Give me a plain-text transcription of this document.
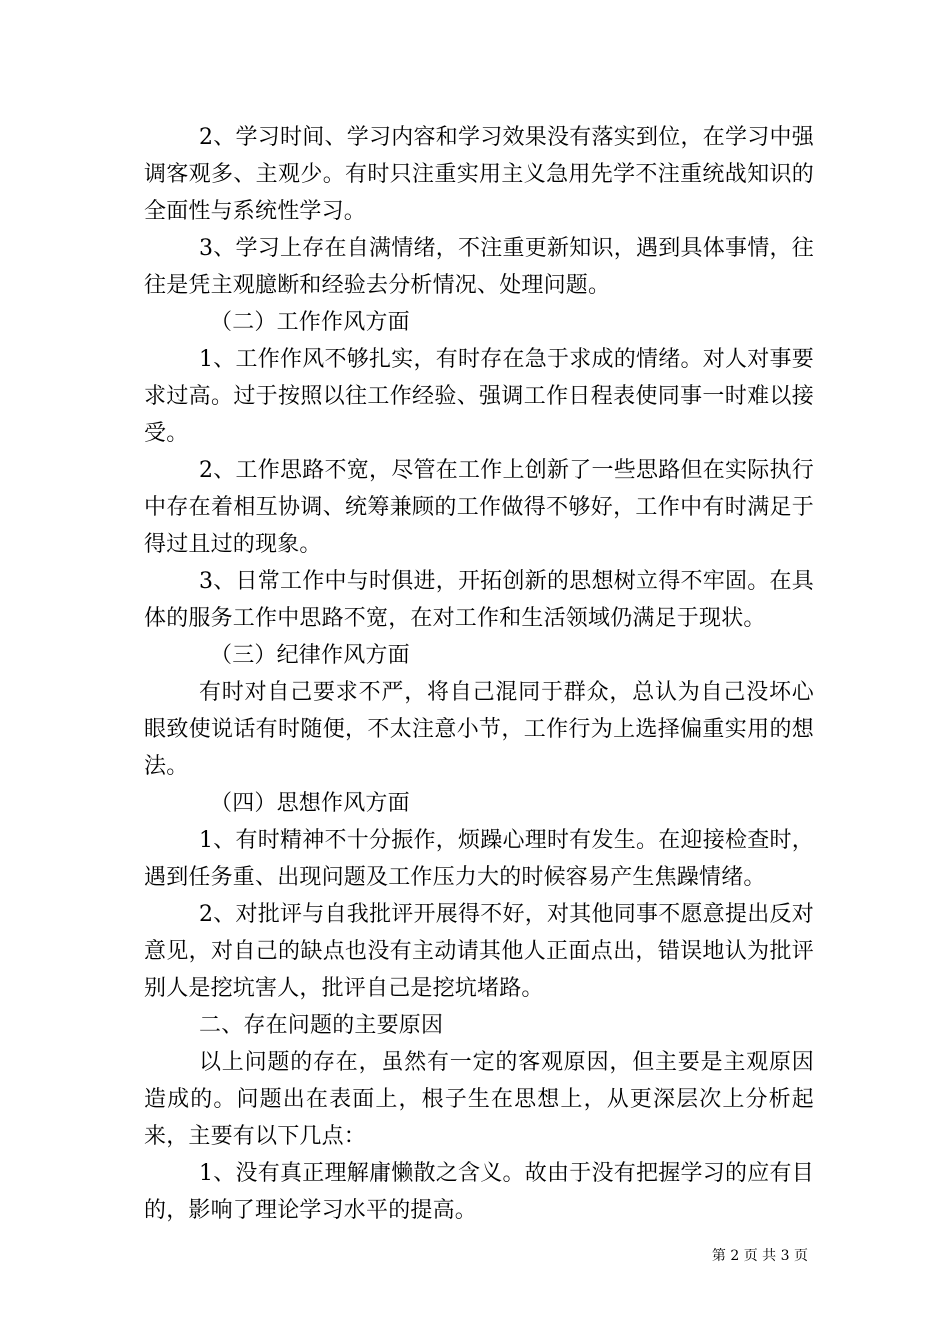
2、学习时间、学习内容和学习效果没有落实到位，在学习中强调客观多、主观少。有时只注重实用主义急用先学不注重统战知识的全面性与系统性学习。

3、学习上存在自满情绪，不注重更新知识，遇到具体事情，往往是凭主观臆断和经验去分析情况、处理问题。

（二）工作作风方面

1、工作作风不够扎实，有时存在急于求成的情绪。对人对事要求过高。过于按照以往工作经验、强调工作日程表使同事一时难以接受。

2、工作思路不宽，尽管在工作上创新了一些思路但在实际执行中存在着相互协调、统筹兼顾的工作做得不够好，工作中有时满足于得过且过的现象。

3、日常工作中与时俱进，开拓创新的思想树立得不牢固。在具体的服务工作中思路不宽，在对工作和生活领域仍满足于现状。

（三）纪律作风方面

有时对自己要求不严，将自己混同于群众，总认为自己没坏心眼致使说话有时随便，不太注意小节，工作行为上选择偏重实用的想法。

（四）思想作风方面

1、有时精神不十分振作，烦躁心理时有发生。在迎接检查时，遇到任务重、出现问题及工作压力大的时候容易产生焦躁情绪。

2、对批评与自我批评开展得不好，对其他同事不愿意提出反对意见，对自己的缺点也没有主动请其他人正面点出，错误地认为批评别人是挖坑害人，批评自己是挖坑堵路。

二、存在问题的主要原因

以上问题的存在，虽然有一定的客观原因，但主要是主观原因造成的。问题出在表面上，根子生在思想上，从更深层次上分析起来，主要有以下几点：

1、没有真正理解庸懒散之含义。故由于没有把握学习的应有目的，影响了理论学习水平的提高。

第 2 页 共 3 页
